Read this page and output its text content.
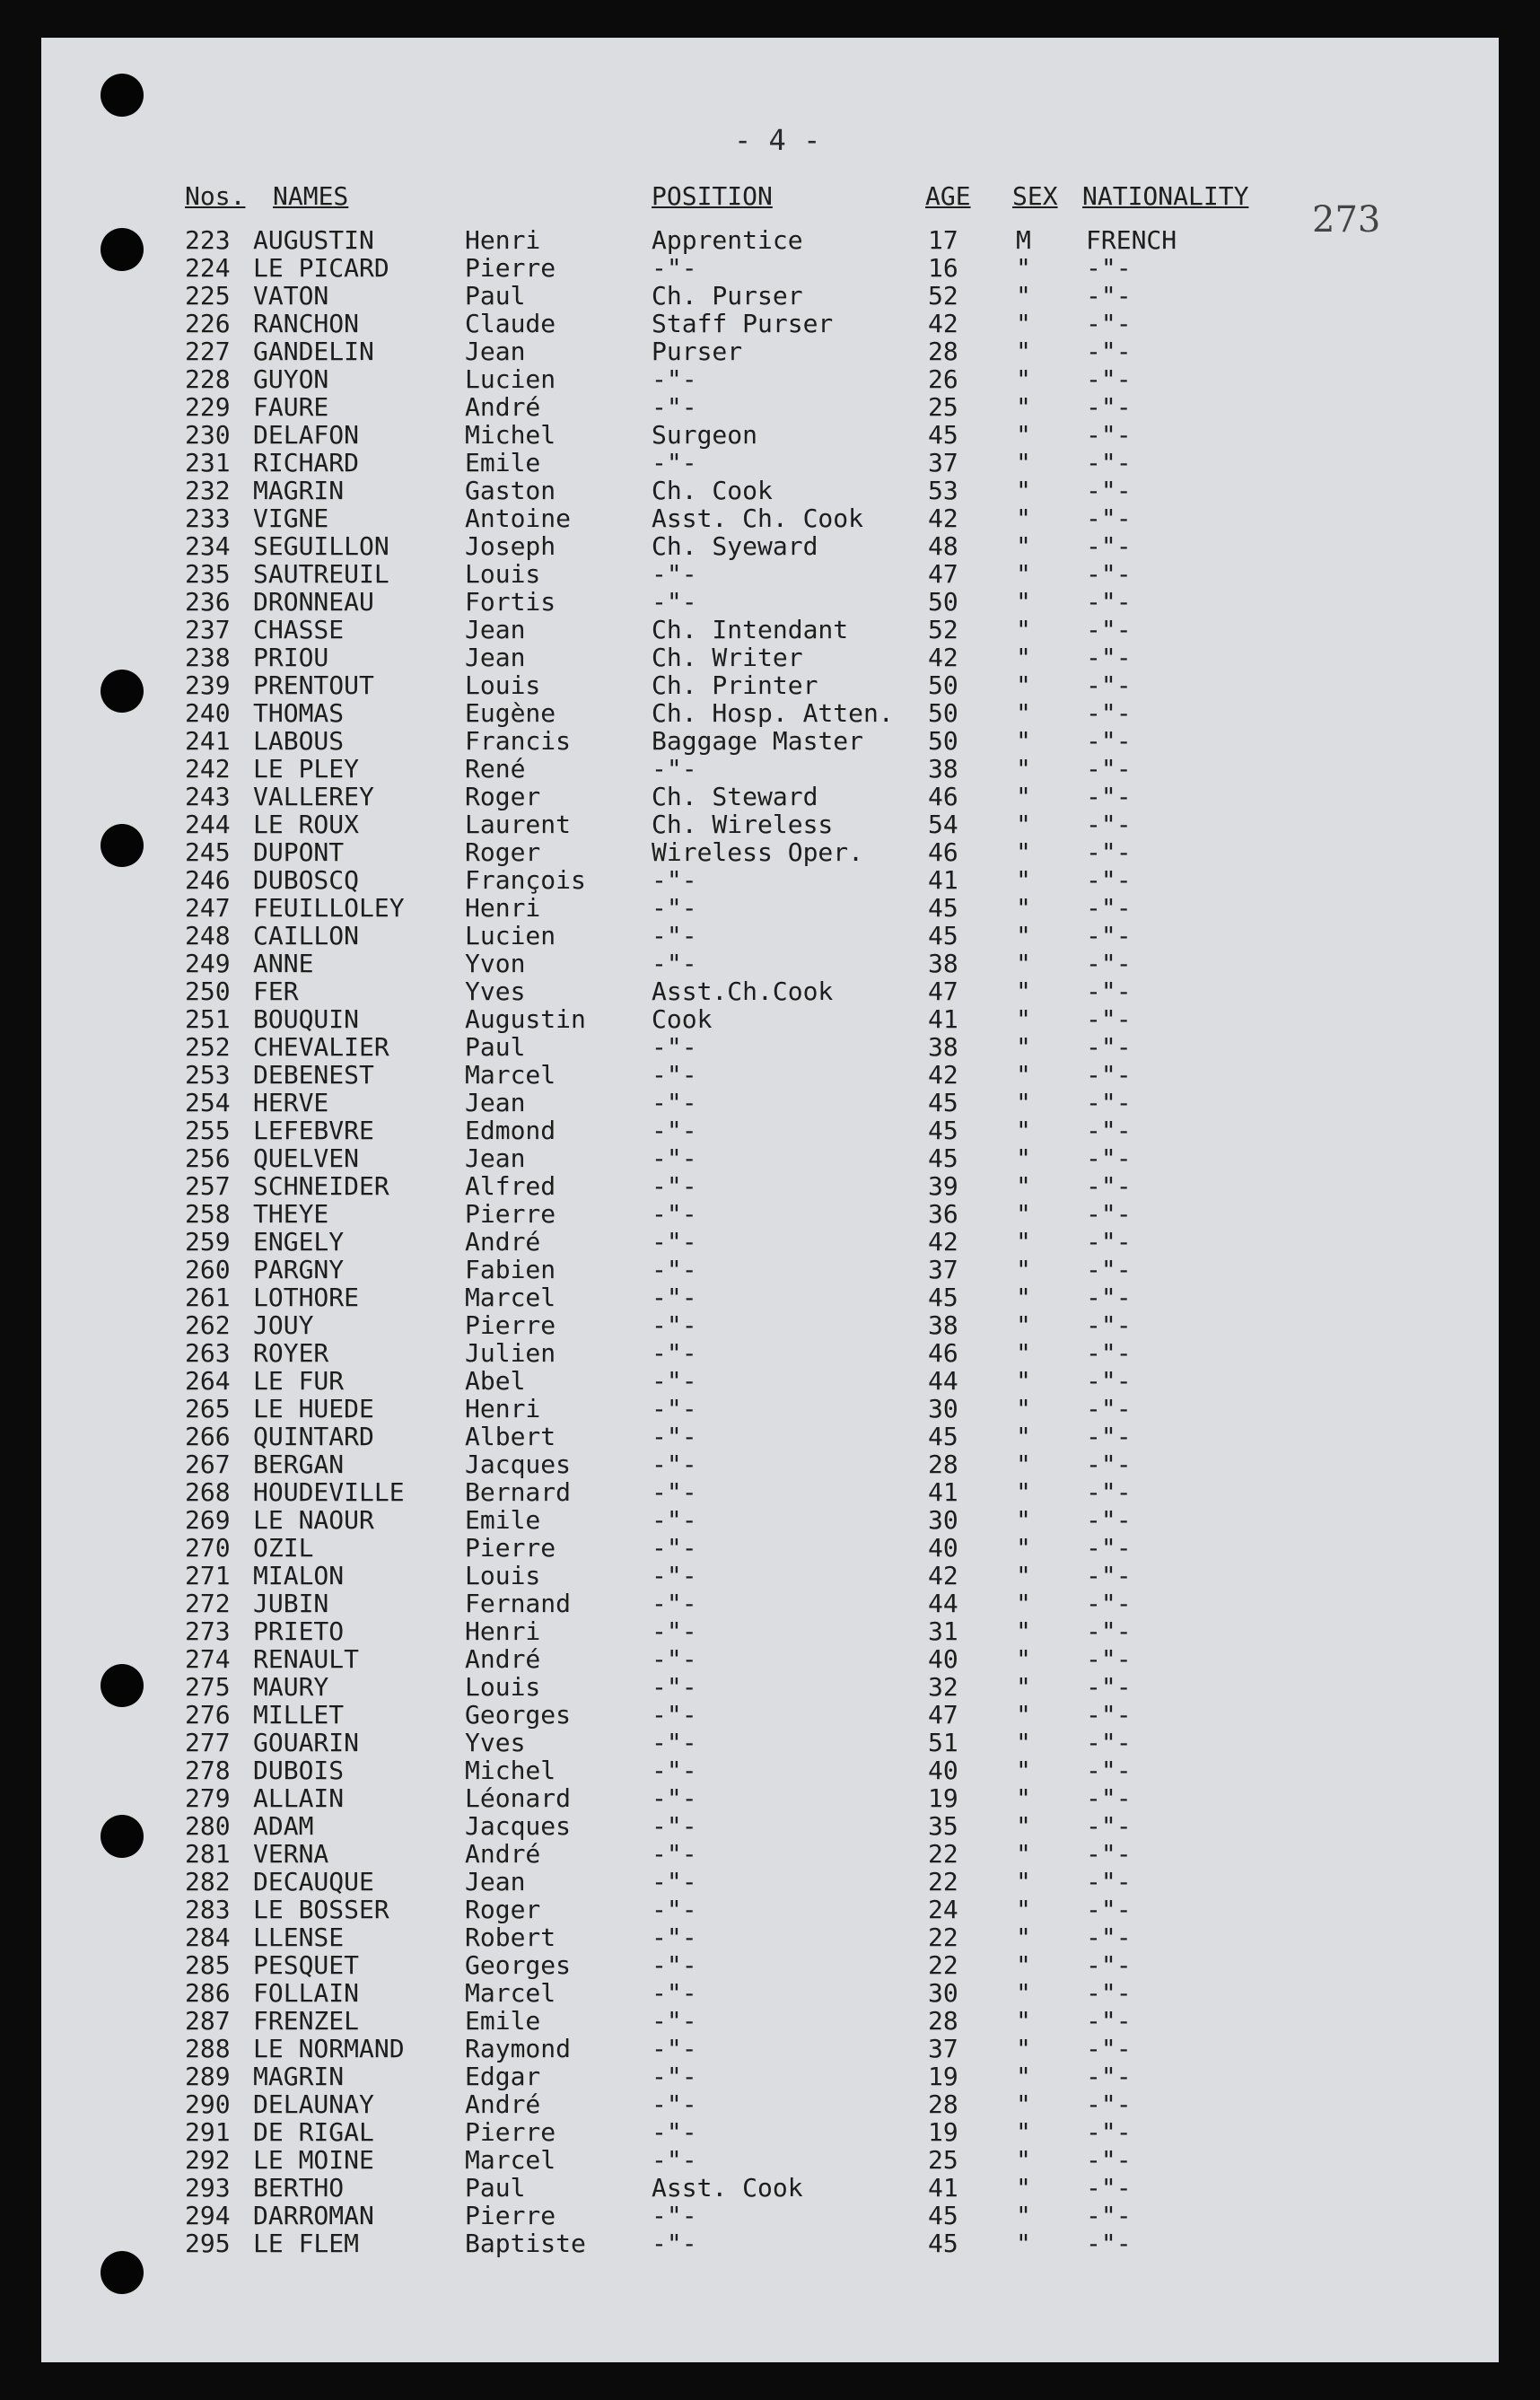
- 4 -
273
Nos. NAMES	POSITION	AGE SEX NATIONALITY
223 AUGUSTIN	Henri	Apprentice	17 M FRENCH
224 LE PICARD	Pierre	-"-	16 " -"-
225 VATON	Paul	Ch. Purser	52 " -"-
226 RANCHON	Claude	Staff Purser	42 " -"-
227 GANDELIN	Jean	Purser	28 " -"-
228 GUYON	Lucien	-"-	26 " -"-
229 FAURE	André	-"-	25 " -"-
230 DELAFON	Michel	Surgeon	45 " -"-
231 RICHARD	Emile	-"-	37 " -"-
232 MAGRIN	Gaston	Ch. Cook	53 " -"-
233 VIGNE	Antoine	Asst. Ch. Cook	42 " -"-
234 SEGUILLON	Joseph	Ch. Syeward	48 " -"-
235 SAUTREUIL	Louis	-"-	47 " -"-
236 DRONNEAU	Fortis	-"-	50 " -"-
237 CHASSE	Jean	Ch. Intendant	52 " -"-
238 PRIOU	Jean	Ch. Writer	42 " -"-
239 PRENTOUT	Louis	Ch. Printer	50 " -"-
240 THOMAS	Eugène	Ch. Hosp. Atten. 50 " -"-
241 LABOUS	Francis	Baggage Master	50 " -"-
242 LE PLEY	René	-"-	38 " -"-
243 VALLEREY	Roger	Ch. Steward	46 " -"-
244 LE ROUX	Laurent	Ch. Wireless	54 " -"-
245 DUPONT	Roger	Wireless Oper.	46 " -"-
246 DUBOSCQ	François	-"-	41 " -"-
247 FEUILLOLEY Henri	-"-	45 " -"-
248 CAILLON	Lucien	-"-	45 " -"-
249 ANNE	Yvon	-"-	38 " -"-
250 FER	Yves	Asst.Ch.Cook	47 " -"-
251 BOUQUIN	Augustin	Cook	41 " -"-
252 CHEVALIER	Paul	-"-	38 " -"-
253 DEBENEST	Marcel	-"-	42 " -"-
254 HERVE	Jean	-"-	45 " -"-
255 LEFEBVRE	Edmond	-"-	45 " -"-
256 QUELVEN	Jean	-"-	45 " -"-
257 SCHNEIDER	Alfred	-"-	39 " -"-
258 THEYE	Pierre	-"-	36 " -"-
259 ENGELY	André	-"-	42 " -"-
260 PARGNY	Fabien	-"-	37 " -"-
261 LOTHORE	Marcel	-"-	45 " -"-
262 JOUY	Pierre	-"-	38 " -"-
263 ROYER	Julien	-"-	46 " -"-
264 LE FUR	Abel	-"-	44 " -"-
265 LE HUEDE	Henri	-"-	30 " -"-
266 QUINTARD	Albert	-"-	45 " -"-
267 BERGAN	Jacques	-"-	28 " -"-
268 HOUDEVILLE Bernard	-"-	41 " -"-
269 LE NAOUR	Emile	-"-	30 " -"-
270 OZIL	Pierre	-"-	40 " -"-
271 MIALON	Louis	-"-	42 " -"-
272 JUBIN	Fernand	-"-	44 " -"-
273 PRIETO	Henri	-"-	31 " -"-
274 RENAULT	André	-"-	40 " -"-
275 MAURY	Louis	-"-	32 " -"-
276 MILLET	Georges	-"-	47 " -"-
277 GOUARIN	Yves	-"-	51 " -"-
278 DUBOIS	Michel	-"-	40 " -"-
279 ALLAIN	Léonard	-"-	19 " -"-
280 ADAM	Jacques	-"-	35 " -"-
281 VERNA	André	-"-	22 " -"-
282 DECAUQUE	Jean	-"-	22 " -"-
283 LE BOSSER	Roger	-"-	24 " -"-
284 LLENSE	Robert	-"-	22 " -"-
285 PESQUET	Georges	-"-	22 " -"-
286 FOLLAIN	Marcel	-"-	30 " -"-
287 FRENZEL	Emile	-"-	28 " -"-
288 LE NORMAND Raymond	-"-	37 " -"-
289 MAGRIN	Edgar	-"-	19 " -"-
290 DELAUNAY	André	-"-	28 " -"-
291 DE RIGAL	Pierre	-"-	19 " -"-
292 LE MOINE	Marcel	-"-	25 " -"-
293 BERTHO	Paul	Asst. Cook	41 " -"-
294 DARROMAN	Pierre	-"-	45 " -"-
295 LE FLEM	Baptiste	-"-	45 " -"-
